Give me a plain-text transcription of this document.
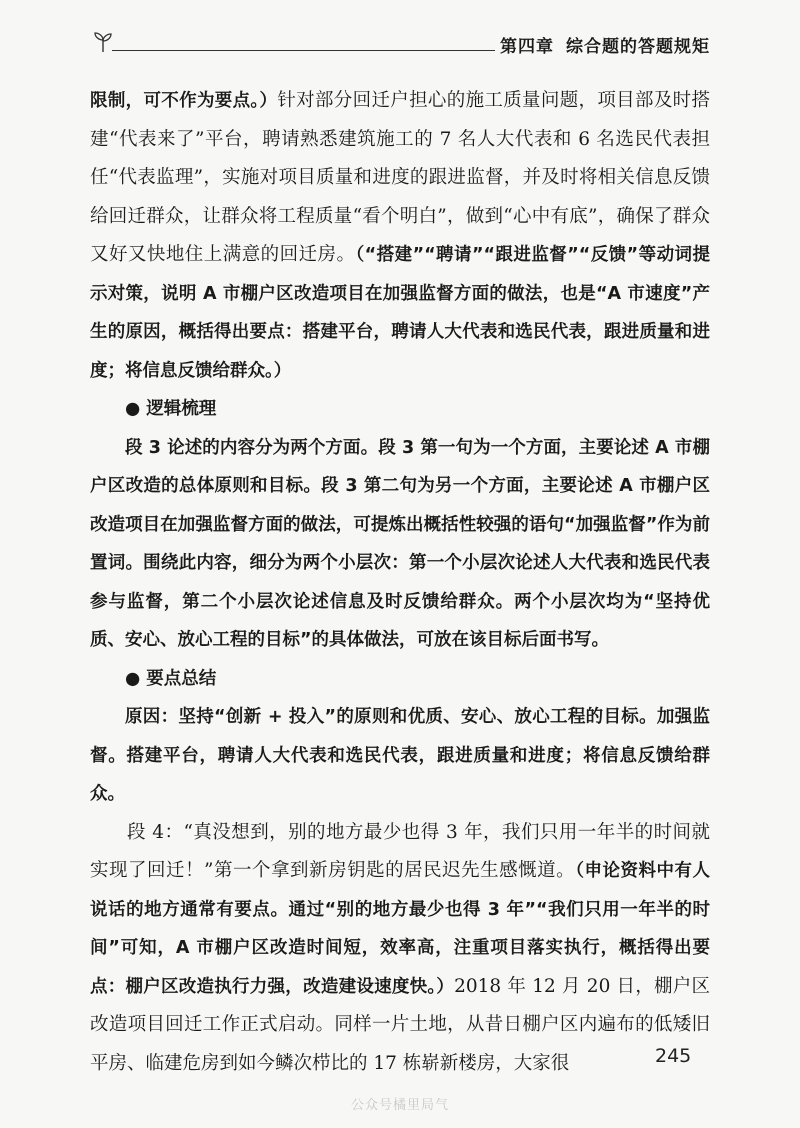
第四章 综合题的答题规矩

限制，可不作为要点。）针对部分回迁户担心的施工质量问题，项目部及时搭建“代表来了”平台，聘请熟悉建筑施工的 7 名人大代表和 6 名选民代表担任“代表监理”，实施对项目质量和进度的跟进监督，并及时将相关信息反馈给回迁群众，让群众将工程质量“看个明白”，做到“心中有底”，确保了群众又好又快地住上满意的回迁房。（“搭建”“聘请”“跟进监督”“反馈”等动词提示对策，说明 A 市棚户区改造项目在加强监督方面的做法，也是“A 市速度”产生的原因，概括得出要点：搭建平台，聘请人大代表和选民代表，跟进质量和进度；将信息反馈给群众。）

● 逻辑梳理

段 3 论述的内容分为两个方面。段 3 第一句为一个方面，主要论述 A 市棚户区改造的总体原则和目标。段 3 第二句为另一个方面，主要论述 A 市棚户区改造项目在加强监督方面的做法，可提炼出概括性较强的语句“加强监督”作为前置词。围绕此内容，细分为两个小层次：第一个小层次论述人大代表和选民代表参与监督，第二个小层次论述信息及时反馈给群众。两个小层次均为“坚持优质、安心、放心工程的目标”的具体做法，可放在该目标后面书写。

● 要点总结

原因：坚持“创新 + 投入”的原则和优质、安心、放心工程的目标。加强监督。搭建平台，聘请人大代表和选民代表，跟进质量和进度；将信息反馈给群众。

段 4：“真没想到，别的地方最少也得 3 年，我们只用一年半的时间就实现了回迁！”第一个拿到新房钥匙的居民迟先生感慨道。（申论资料中有人说话的地方通常有要点。通过“别的地方最少也得 3 年”“我们只用一年半的时间”可知，A 市棚户区改造时间短，效率高，注重项目落实执行，概括得出要点：棚户区改造执行力强，改造建设速度快。）2018 年 12 月 20 日，棚户区改造项目回迁工作正式启动。同样一片土地，从昔日棚户区内遍布的低矮旧平房、临建危房到如今鳞次栉比的 17 栋崭新楼房，大家很	245
公众号橘里局气
